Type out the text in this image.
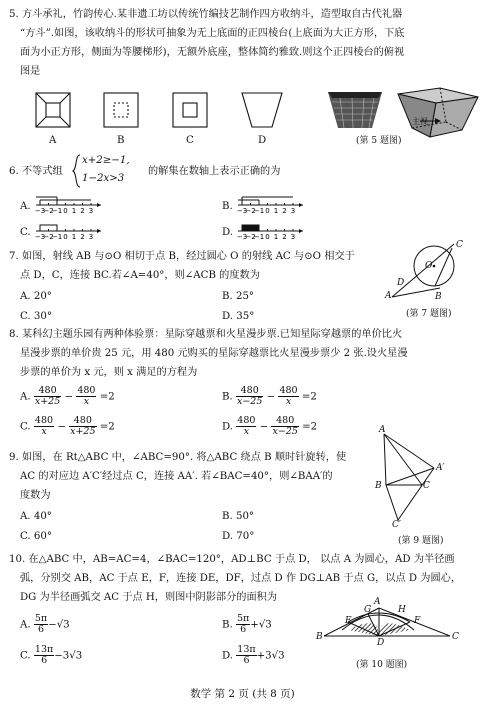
5. 方斗承礼，竹韵传心.某非遗工坊以传统竹编技艺制作四方收纳斗，造型取自古代礼器
“方斗”.如图，该收纳斗的形状可抽象为无上底面的正四棱台(上底面为大正方形，下底
面为小正方形，侧面为等腰梯形)，无额外底座，整体简约雅致.则这个正四棱台的俯视
图是
A	B	C	D
主视
(第 5 题图)
6. 不等式组
x+2≥−1,
1−2x>3
的解集在数轴上表示正确的为
A.	B.
C.	D.
−3
−2
−1 0 1 2 3	−3
−2
−1 0 1 2 3
−3
−2
−1 0 1 2 3	−3
−2
−1 0 1 2 3
7. 如图，射线 AB 与⊙O 相切于点 B，经过圆心 O 的射线 AC 与⊙O 相交于
点 D，C，连接 BC.若∠A=40°，则∠ACB 的度数为
A. 20°	B. 25°
C. 30°	D. 35°
A	B
C
D
O
(第 7 题图)
8. 某科幻主题乐园有两种体验票：星际穿越票和火星漫步票.已知星际穿越票的单价比火
星漫步票的单价贵 25 元，用 480 元购买的星际穿越票比火星漫步票少 2 张.设火星漫
步票的单价为 x 元，则 x 满足的方程为
A. $\frac{480}{x+25} - \frac{480}{x} =2$	B. $\frac{480}{x-25} - \frac{480}{x} =2$
C. $\frac{480}{x} - \frac{480}{x+25} =2$	D. $\frac{480}{x} - \frac{480}{x-25} =2$
9. 如图，在 Rt△ABC 中，∠ABC=90°. 将△ABC 绕点 B 顺时针旋转，使
AC 的对应边 A′C′经过点 C，连接 AA′. 若∠BAC=40°，则∠BAA′的
度数为
A. 40°	B. 50°
C. 60°	D. 70°
A
A′
B	C
C′
(第 9 题图)
10. 在△ABC 中，AB=AC=4，∠BAC=120°，AD⊥BC 于点 D， 以点 A 为圆心，AD 为半径画
弧，分别交 AB，AC 于点 E，F，连接 DE，DF，过点 D 作 DG⊥AB 于点 G，以点 D 为圆心，
DG 为半径画弧交 AC 于点 H，则图中阴影部分的面积为
A. $\frac{5\pi}{6} -√3$	B. $\frac{5\pi}{6} +√3$
C. $\frac{13\pi}{6} -3√3$	D. $\frac{13\pi}{6} +3√3$
A
B	C
D
E	F
G	H
(第 10 题图)
数学 第 2 页 (共 8 页)
